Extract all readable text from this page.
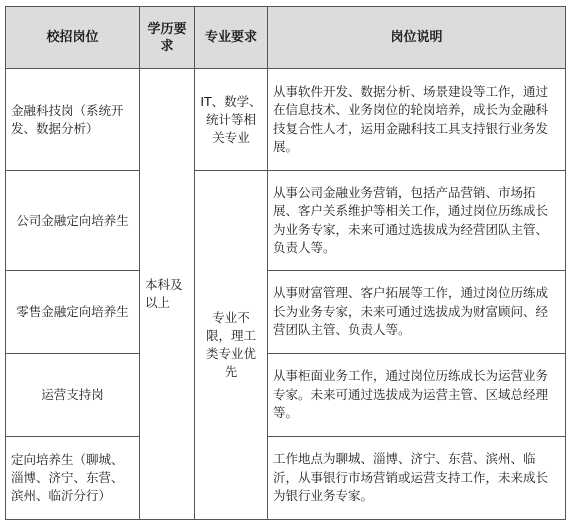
校招岗位	学历要求	专业要求	岗位说明
金融科技岗（系统开发、数据分析）	本科及以上	IT、数学、统计等相关专业	从事软件开发、数据分析、场景建设等工作，通过在信息技术、业务岗位的轮岗培养，成长为金融科技复合性人才，运用金融科技工具支持银行业务发展。
公司金融定向培养生		专业不限，理工类专业优先	从事公司金融业务营销，包括产品营销、市场拓展、客户关系维护等相关工作，通过岗位历练成长为业务专家，未来可通过选拔成为经营团队主管、负责人等。
零售金融定向培养生			从事财富管理、客户拓展等工作，通过岗位历练成长为业务专家，未来可通过选拔成为财富顾问、经营团队主管、负责人等。
运营支持岗			从事柜面业务工作，通过岗位历练成长为运营业务专家。未来可通过选拔成为运营主管、区域总经理等。
定向培养生（聊城、淄博、济宁、东营、滨州、临沂分行）			工作地点为聊城、淄博、济宁、东营、滨州、临沂，从事银行市场营销或运营支持工作，未来成长为银行业务专家。
